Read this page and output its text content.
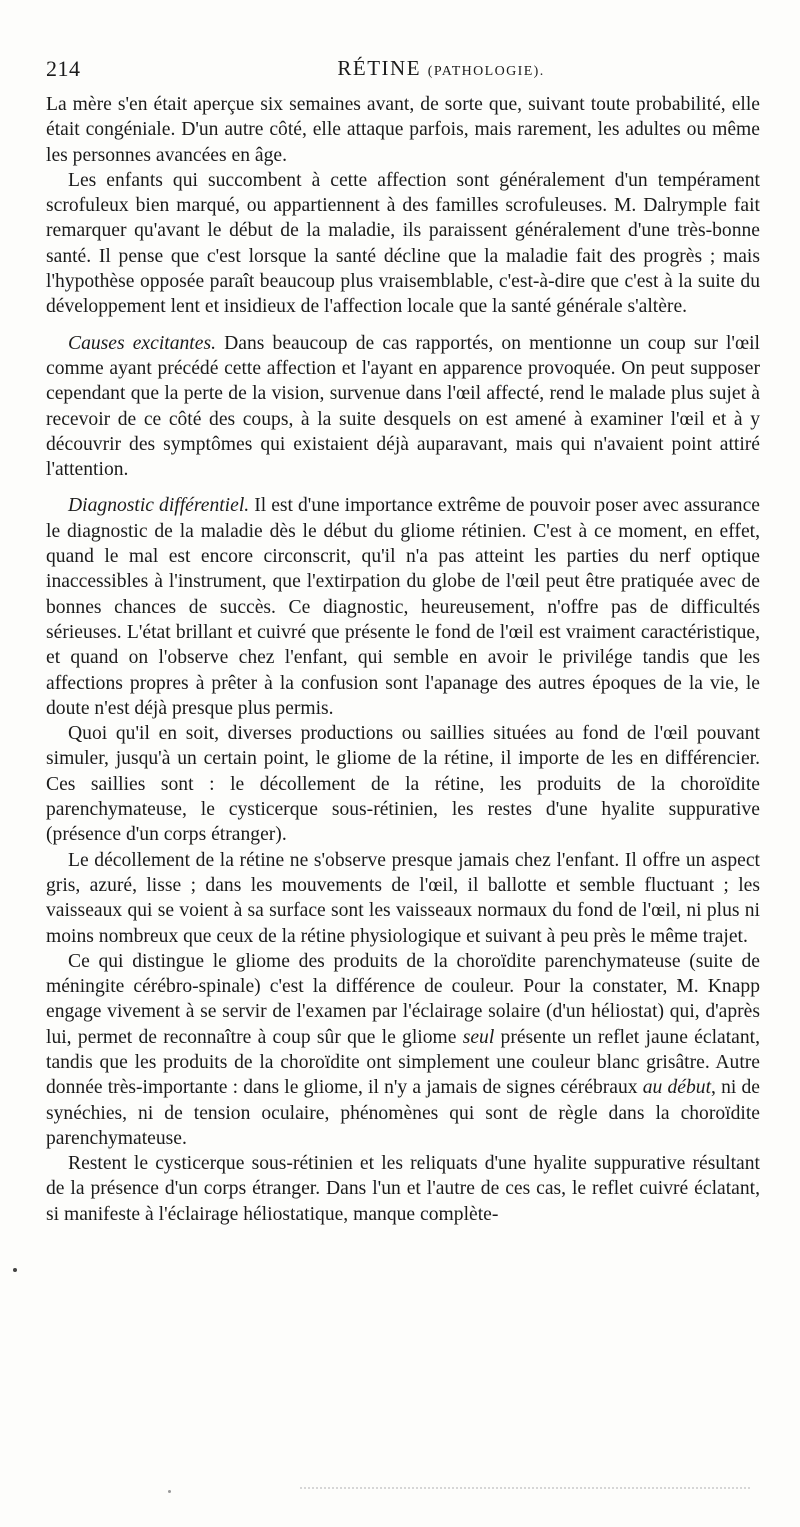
214	RÉTINE (PATHOLOGIE).

La mère s'en était aperçue six semaines avant, de sorte que, suivant toute probabilité, elle était congéniale. D'un autre côté, elle attaque parfois, mais rarement, les adultes ou même les personnes avancées en âge.

Les enfants qui succombent à cette affection sont généralement d'un tempérament scrofuleux bien marqué, ou appartiennent à des familles scrofuleuses. M. Dalrymple fait remarquer qu'avant le début de la maladie, ils paraissent généralement d'une très-bonne santé. Il pense que c'est lorsque la santé décline que la maladie fait des progrès ; mais l'hypothèse opposée paraît beaucoup plus vraisemblable, c'est-à-dire que c'est à la suite du développement lent et insidieux de l'affection locale que la santé générale s'altère.

Causes excitantes. Dans beaucoup de cas rapportés, on mentionne un coup sur l'œil comme ayant précédé cette affection et l'ayant en apparence provoquée. On peut supposer cependant que la perte de la vision, survenue dans l'œil affecté, rend le malade plus sujet à recevoir de ce côté des coups, à la suite desquels on est amené à examiner l'œil et à y découvrir des symptômes qui existaient déjà auparavant, mais qui n'avaient point attiré l'attention.

Diagnostic différentiel. Il est d'une importance extrême de pouvoir poser avec assurance le diagnostic de la maladie dès le début du gliome rétinien. C'est à ce moment, en effet, quand le mal est encore circonscrit, qu'il n'a pas atteint les parties du nerf optique inaccessibles à l'instrument, que l'extirpation du globe de l'œil peut être pratiquée avec de bonnes chances de succès. Ce diagnostic, heureusement, n'offre pas de difficultés sérieuses. L'état brillant et cuivré que présente le fond de l'œil est vraiment caractéristique, et quand on l'observe chez l'enfant, qui semble en avoir le privilége tandis que les affections propres à prêter à la confusion sont l'apanage des autres époques de la vie, le doute n'est déjà presque plus permis.

Quoi qu'il en soit, diverses productions ou saillies situées au fond de l'œil pouvant simuler, jusqu'à un certain point, le gliome de la rétine, il importe de les en différencier. Ces saillies sont : le décollement de la rétine, les produits de la choroïdite parenchymateuse, le cysticerque sous-rétinien, les restes d'une hyalite suppurative (présence d'un corps étranger).

Le décollement de la rétine ne s'observe presque jamais chez l'enfant. Il offre un aspect gris, azuré, lisse ; dans les mouvements de l'œil, il ballotte et semble fluctuant ; les vaisseaux qui se voient à sa surface sont les vaisseaux normaux du fond de l'œil, ni plus ni moins nombreux que ceux de la rétine physiologique et suivant à peu près le même trajet.

Ce qui distingue le gliome des produits de la choroïdite parenchymateuse (suite de méningite cérébro-spinale) c'est la différence de couleur. Pour la constater, M. Knapp engage vivement à se servir de l'examen par l'éclairage solaire (d'un héliostat) qui, d'après lui, permet de reconnaître à coup sûr que le gliome seul présente un reflet jaune éclatant, tandis que les produits de la choroïdite ont simplement une couleur blanc grisâtre. Autre donnée très-importante : dans le gliome, il n'y a jamais de signes cérébraux au début, ni de synéchies, ni de tension oculaire, phénomènes qui sont de règle dans la choroïdite parenchymateuse.

Restent le cysticerque sous-rétinien et les reliquats d'une hyalite suppurative résultant de la présence d'un corps étranger. Dans l'un et l'autre de ces cas, le reflet cuivré éclatant, si manifeste à l'éclairage héliostatique, manque complète-
